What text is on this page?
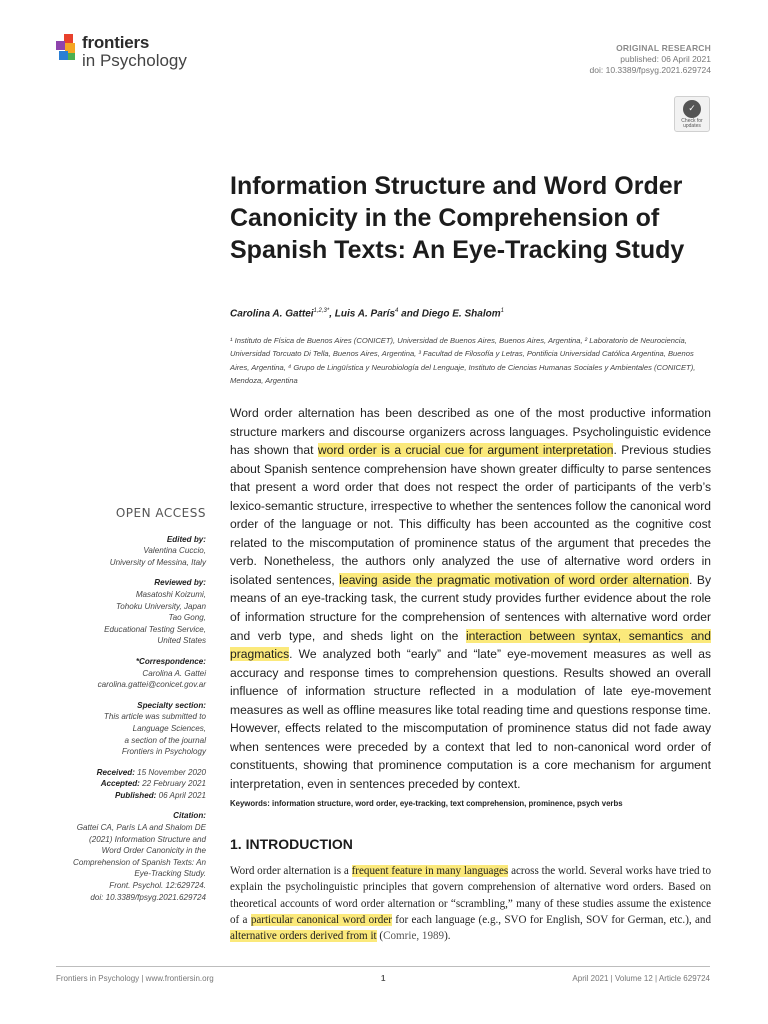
frontiers
in Psychology
ORIGINAL RESEARCH
published: 06 April 2021
doi: 10.3389/fpsyg.2021.629724
✓
Check for updates
Information Structure and Word Order Canonicity in the Comprehension of Spanish Texts: An Eye-Tracking Study
Carolina A. Gattei$^{1,2,3*}$, Luis A. París$^4$ and Diego E. Shalom$^1$
¹ Instituto de Física de Buenos Aires (CONICET), Universidad de Buenos Aires, Buenos Aires, Argentina, ² Laboratorio de Neurociencia, Universidad Torcuato Di Tella, Buenos Aires, Argentina, ³ Facultad de Filosofía y Letras, Pontificia Universidad Católica Argentina, Buenos Aires, Argentina, ⁴ Grupo de Lingüística y Neurobiología del Lenguaje, Instituto de Ciencias Humanas Sociales y Ambientales (CONICET), Mendoza, Argentina
Word order alternation has been described as one of the most productive information structure markers and discourse organizers across languages. Psycholinguistic evidence has shown that word order is a crucial cue for argument interpretation. Previous studies about Spanish sentence comprehension have shown greater difficulty to parse sentences that present a word order that does not respect the order of participants of the verb’s lexico-semantic structure, irrespective to whether the sentences follow the canonical word order of the language or not. This difficulty has been accounted as the cognitive cost related to the miscomputation of prominence status of the argument that precedes the verb. Nonetheless, the authors only analyzed the use of alternative word orders in isolated sentences, leaving aside the pragmatic motivation of word order alternation. By means of an eye-tracking task, the current study provides further evidence about the role of information structure for the comprehension of sentences with alternative word order and verb type, and sheds light on the interaction between syntax, semantics and pragmatics. We analyzed both “early” and “late” eye-movement measures as well as accuracy and response times to comprehension questions. Results showed an overall influence of information structure reflected in a modulation of late eye-movement measures as well as offline measures like total reading time and questions response time. However, effects related to the miscomputation of prominence status did not fade away when sentences were preceded by a context that led to non-canonical word order of constituents, showing that prominence computation is a core mechanism for argument interpretation, even in sentences preceded by context.
Keywords: information structure, word order, eye-tracking, text comprehension, prominence, psych verbs
OPEN ACCESS
Edited by:
Valentina Cuccio,
University of Messina, Italy
Reviewed by:
Masatoshi Koizumi,
Tohoku University, Japan
Tao Gong,
Educational Testing Service,
United States
*Correspondence:
Carolina A. Gattei
carolina.gattei@conicet.gov.ar
Specialty section:
This article was submitted to
Language Sciences,
a section of the journal
Frontiers in Psychology
Received: 15 November 2020
Accepted: 22 February 2021
Published: 06 April 2021
Citation:
Gattei CA, París LA and Shalom DE
(2021) Information Structure and
Word Order Canonicity in the
Comprehension of Spanish Texts: An
Eye-Tracking Study.
Front. Psychol. 12:629724.
doi: 10.3389/fpsyg.2021.629724
1. INTRODUCTION
Word order alternation is a frequent feature in many languages across the world. Several works have tried to explain the psycholinguistic principles that govern comprehension of alternative word orders. Based on theoretical accounts of word order alternation or “scrambling,” many of these studies assume the existence of a particular canonical word order for each language (e.g., SVO for English, SOV for German, etc.), and alternative orders derived from it (Comrie, 1989).
Frontiers in Psychology | www.frontiersin.org	1	April 2021 | Volume 12 | Article 629724
